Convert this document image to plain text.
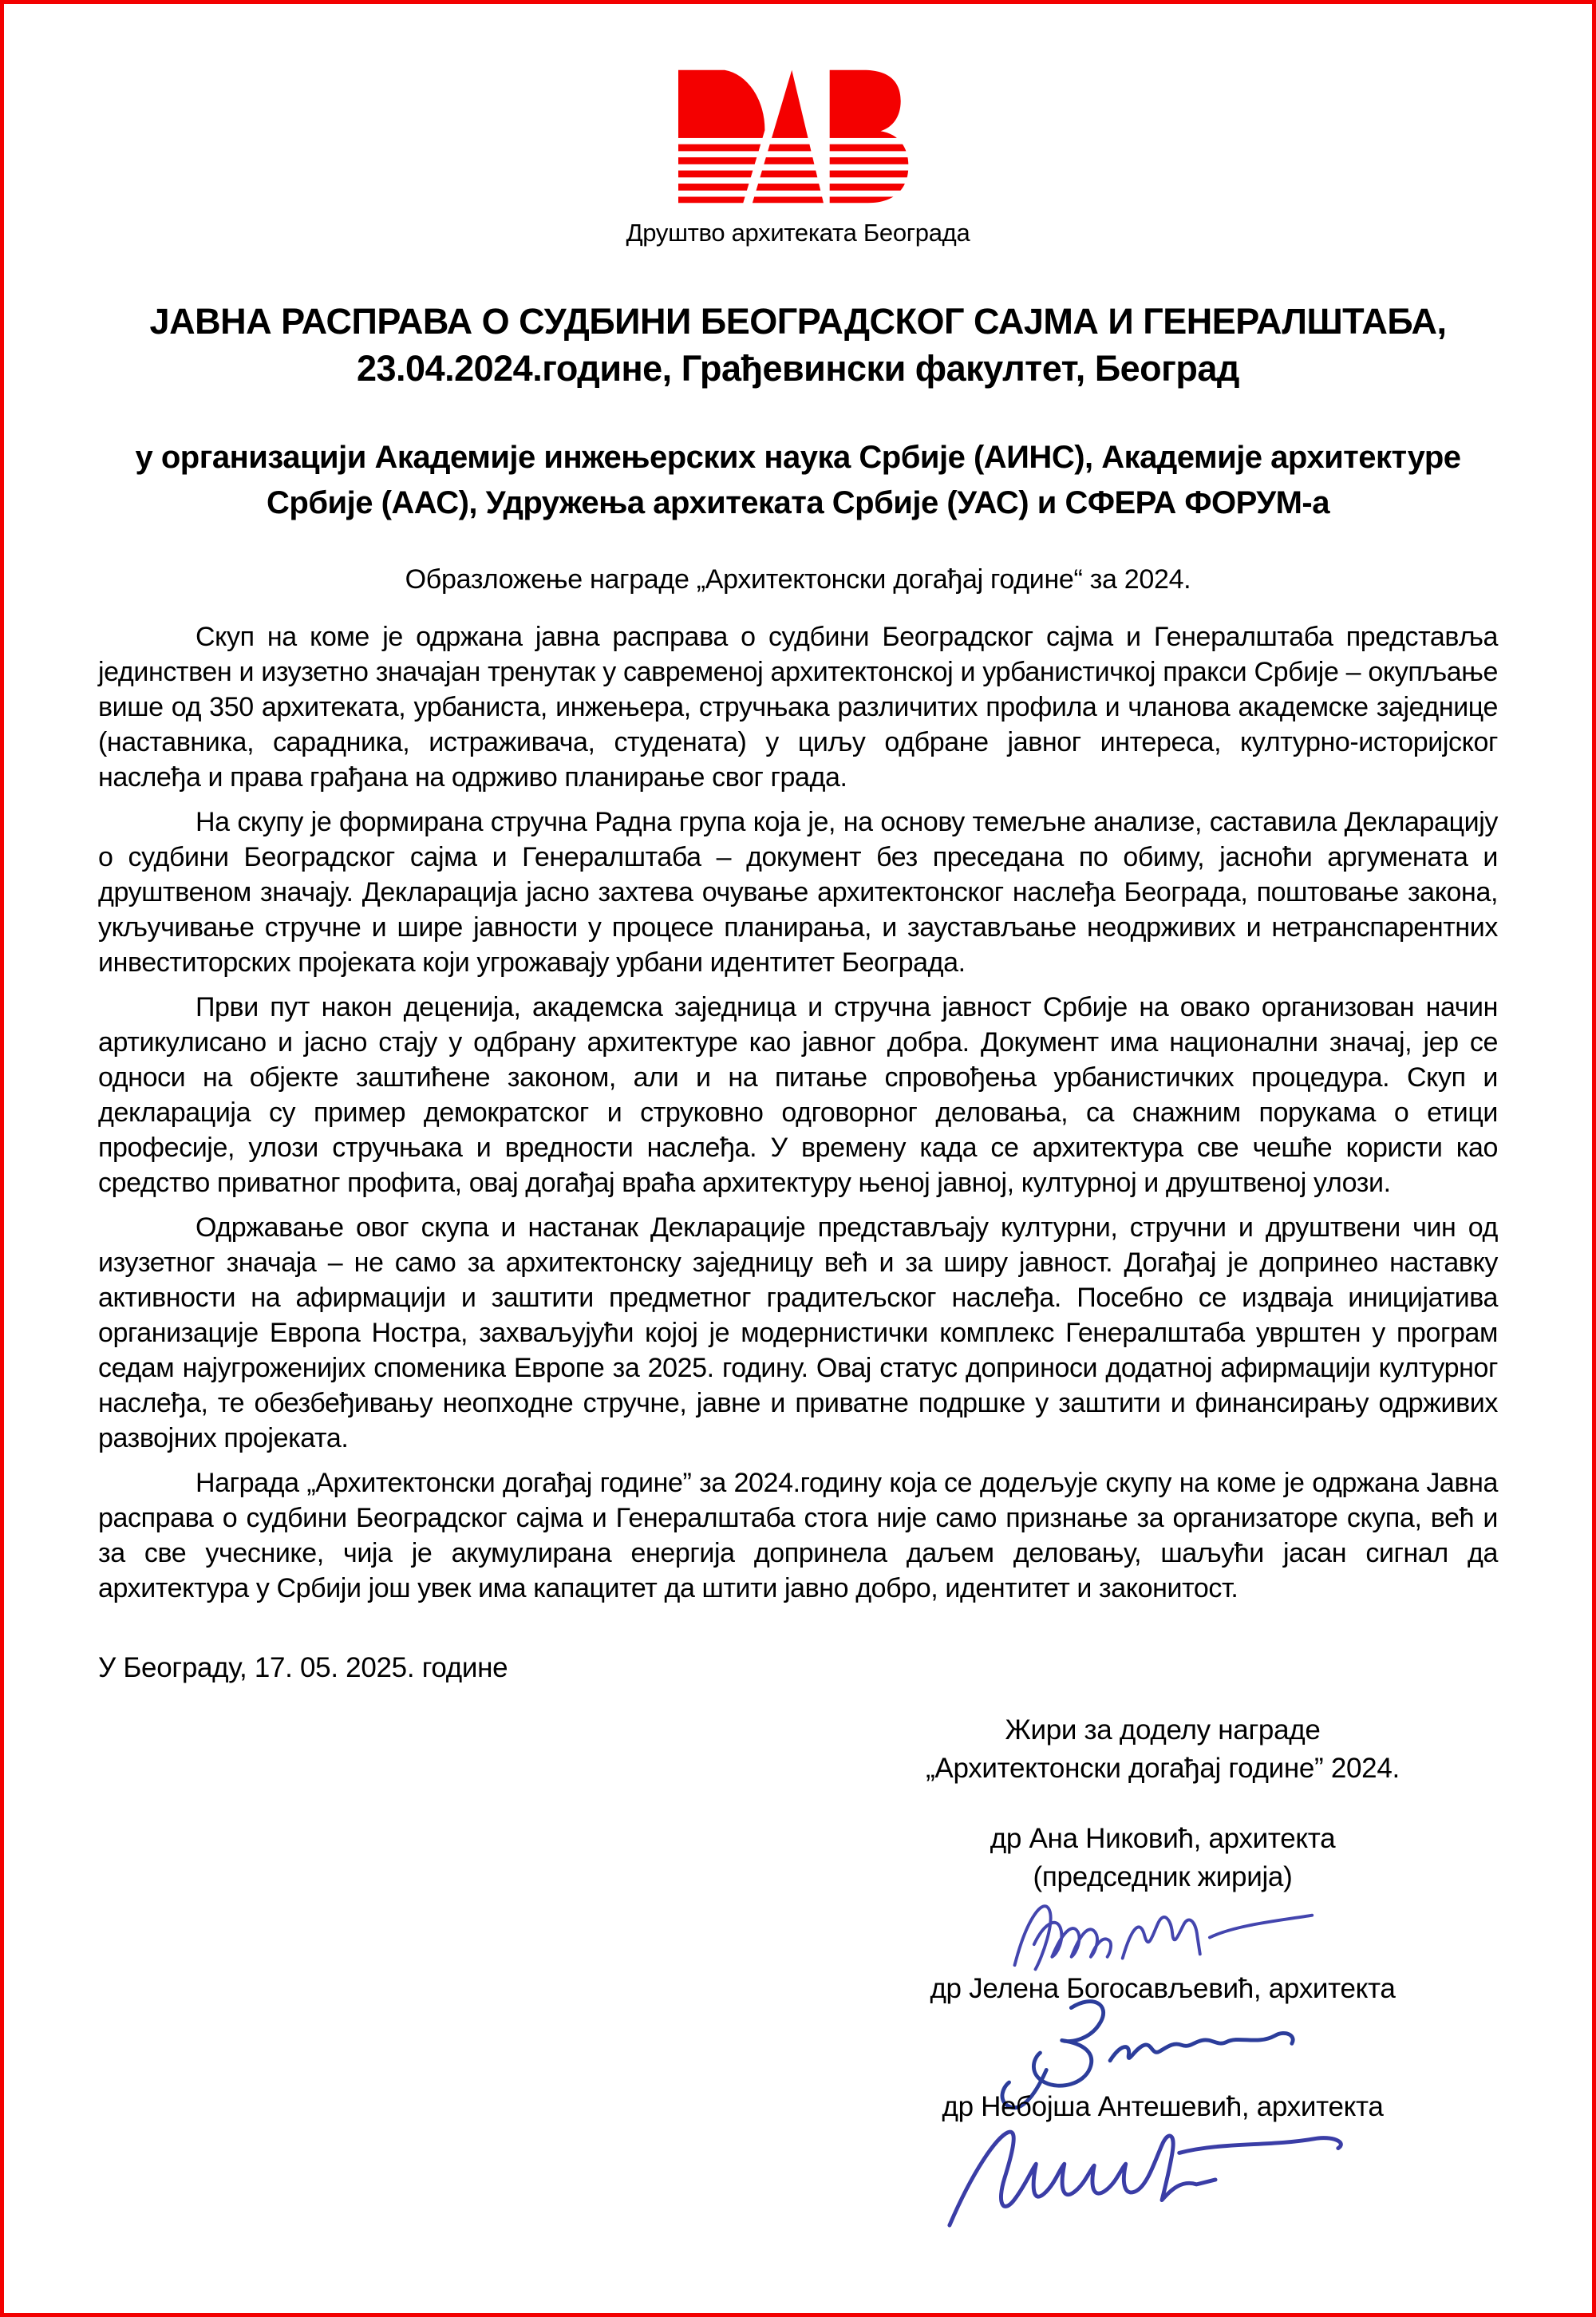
Друштво архитеката Београда
ЈАВНА РАСПРАВА О СУДБИНИ БЕОГРАДСКОГ САЈМА И ГЕНЕРАЛШТАБА,
23.04.2024.године, Грађевински факултет, Београд
у организацији Академије инжењерских наука Србије (АИНС), Академије архитектуре Србије (ААС), Удружења архитеката Србије (УАС) и СФЕРА ФОРУМ-а
Образложење награде „Архитектонски догађај године“ за 2024.

Скуп на коме је одржана јавна расправа о судбини Београдског сајма и Генералштаба представља јединствен и изузетно значајан тренутак у савременој архитектонској и урбанистичкој пракси Србије – окупљање више од 350 архитеката, урбаниста, инжењера, стручњака различитих профила и чланова академске заједнице (наставника, сарадника, истраживача, студената) у циљу одбране јавног интереса, културно-историјског наслеђа и права грађана на одрживо планирање свог града.

На скупу је формирана стручна Радна група која је, на основу темељне анализе, саставила Декларацију о судбини Београдског сајма и Генералштаба – документ без преседана по обиму, јасноћи аргумената и друштвеном значају. Декларација јасно захтева очување архитектонског наслеђа Београда, поштовање закона, укључивање стручне и шире јавности у процесе планирања, и заустављање неодрживих и нетранспарентних инвеститорских пројеката који угрожавају урбани идентитет Београда.

Први пут након деценија, академска заједница и стручна јавност Србије на овако организован начин артикулисано и јасно стају у одбрану архитектуре као јавног добра. Документ има национални значај, јер се односи на објекте заштићене законом, али и на питање спровођења урбанистичких процедура. Скуп и декларација су пример демократског и струковно одговорног деловања, са снажним порукама о етици професије, улози стручњака и вредности наслеђа. У времену када се архитектура све чешће користи као средство приватног профита, овај догађај враћа архитектуру њеној јавној, културној и друштвеној улози.

Одржавање овог скупа и настанак Декларације представљају културни, стручни и друштвени чин од изузетног значаја – не само за архитектонску заједницу већ и за ширу јавност. Догађај је допринео наставку активности на афирмацији и заштити предметног градитељског наслеђа. Посебно се издваја иницијатива организације Европа Ностра, захваљујући којој је модернистички комплекс Генералштаба уврштен у програм седам најугроженијих споменика Европе за 2025. годину. Овај статус доприноси додатној афирмацији културног наслеђа, те обезбеђивању неопходне стручне, јавне и приватне подршке у заштити и финансирању одрживих развојних пројеката.

Награда „Архитектонски догађај године” за 2024.годину која се додељује скупу на коме је одржана Јавна расправа о судбини Београдског сајма и Генералштаба стога није само признање за организаторе скупа, већ и за све учеснике, чија је акумулирана енергија допринела даљем деловању, шаљући јасан сигнал да архитектура у Србији још увек има капацитет да штити јавно добро, идентитет и законитост.

У Београду, 17. 05. 2025. године
Жири за доделу награде
„Архитектонски догађај године” 2024.
др Ана Никовић, архитекта
(председник жирија)
др Јелена Богосављевић, архитекта
др Небојша Антешевић, архитекта
